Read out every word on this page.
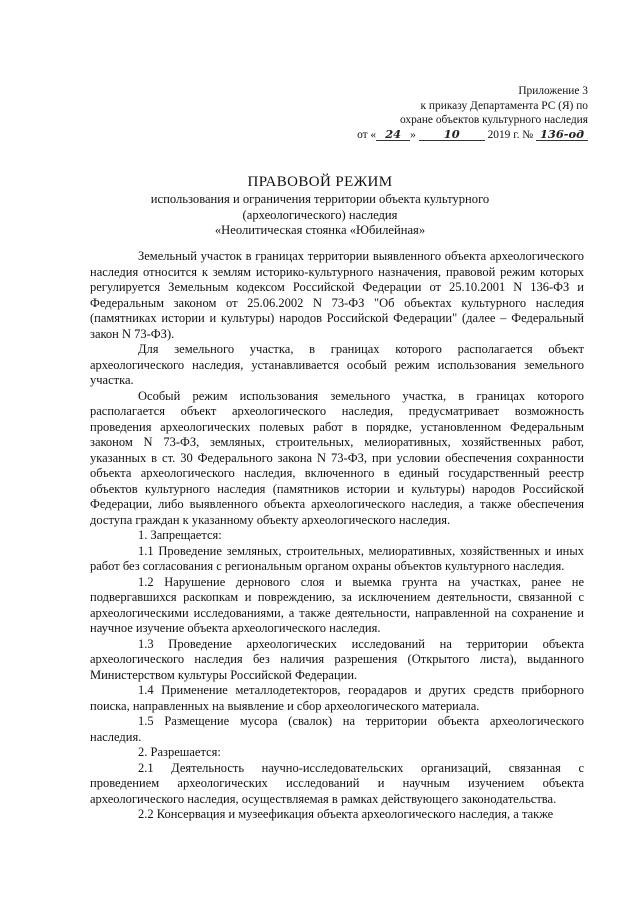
Приложение 3
к приказу Департамента РС (Я) по
охране объектов культурного наследия
от « 24 » 10 2019 г. № 136-од
ПРАВОВОЙ РЕЖИМ
использования и ограничения территории объекта культурного
(археологического) наследия
«Неолитическая стоянка «Юбилейная»

Земельный участок в границах территории выявленного объекта археологического наследия относится к землям историко-культурного назначения, правовой режим которых регулируется Земельным кодексом Российской Федерации от 25.10.2001 N 136-ФЗ и Федеральным законом от 25.06.2002 N 73-ФЗ "Об объектах культурного наследия (памятниках истории и культуры) народов Российской Федерации" (далее – Федеральный закон N 73-ФЗ).

Для земельного участка, в границах которого располагается объект археологического наследия, устанавливается особый режим использования земельного участка.

Особый режим использования земельного участка, в границах которого располагается объект археологического наследия, предусматривает возможность проведения археологических полевых работ в порядке, установленном Федеральным законом N 73-ФЗ, земляных, строительных, мелиоративных, хозяйственных работ, указанных в ст. 30 Федерального закона N 73-ФЗ, при условии обеспечения сохранности объекта археологического наследия, включенного в единый государственный реестр объектов культурного наследия (памятников истории и культуры) народов Российской Федерации, либо выявленного объекта археологического наследия, а также обеспечения доступа граждан к указанному объекту археологического наследия.

1. Запрещается:

1.1 Проведение земляных, строительных, мелиоративных, хозяйственных и иных работ без согласования с региональным органом охраны объектов культурного наследия.

1.2 Нарушение дернового слоя и выемка грунта на участках, ранее не подвергавшихся раскопкам и повреждению, за исключением деятельности, связанной с археологическими исследованиями, а также деятельности, направленной на сохранение и научное изучение объекта археологического наследия.

1.3 Проведение археологических исследований на территории объекта археологического наследия без наличия разрешения (Открытого листа), выданного Министерством культуры Российской Федерации.

1.4 Применение металлодетекторов, георадаров и других средств приборного поиска, направленных на выявление и сбор археологического материала.

1.5 Размещение мусора (свалок) на территории объекта археологического наследия.

2. Разрешается:

2.1 Деятельность научно-исследовательских организаций, связанная с проведением археологических исследований и научным изучением объекта археологического наследия, осуществляемая в рамках действующего законодательства.

2.2 Консервация и музеефикация объекта археологического наследия, а также
